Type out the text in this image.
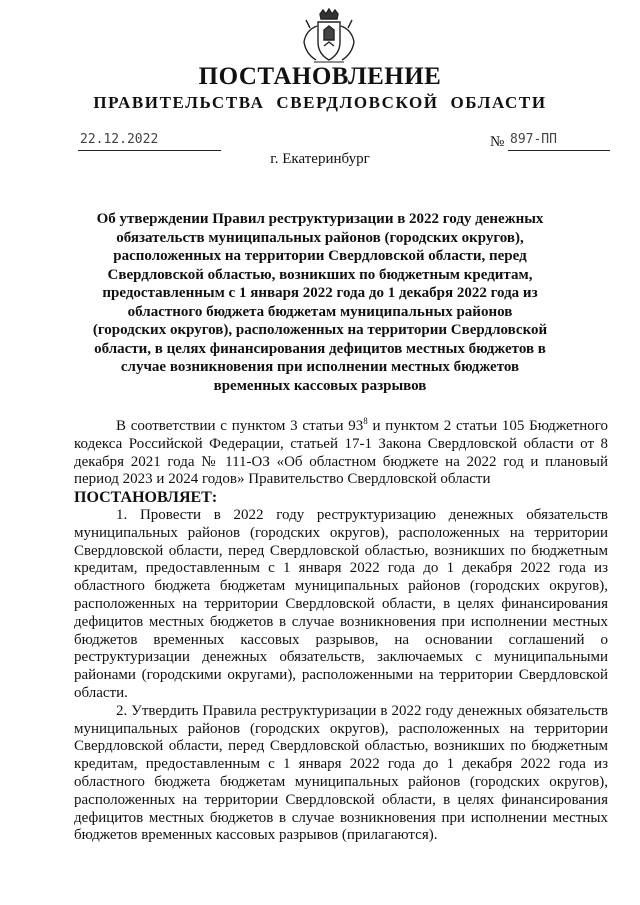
ПОСТАНОВЛЕНИЕ
ПРАВИТЕЛЬСТВА СВЕРДЛОВСКОЙ ОБЛАСТИ
22.12.2022	№ 897-ПП
г. Екатеринбург

Об утверждении Правил реструктуризации в 2022 году денежных обязательств муниципальных районов (городских округов), расположенных на территории Свердловской области, перед Свердловской областью, возникших по бюджетным кредитам, предоставленным с 1 января 2022 года до 1 декабря 2022 года из областного бюджета бюджетам муниципальных районов (городских округов), расположенных на территории Свердловской области, в целях финансирования дефицитов местных бюджетов в случае возникновения при исполнении местных бюджетов временных кассовых разрывов

В соответствии с пунктом 3 статьи $93^8$ и пунктом 2 статьи 105 Бюджетного кодекса Российской Федерации, статьей 17-1 Закона Свердловской области от 8 декабря 2021 года № 111-ОЗ «Об областном бюджете на 2022 год и плановый период 2023 и 2024 годов» Правительство Свердловской области

ПОСТАНОВЛЯЕТ:

1. Провести в 2022 году реструктуризацию денежных обязательств муниципальных районов (городских округов), расположенных на территории Свердловской области, перед Свердловской областью, возникших по бюджетным кредитам, предоставленным с 1 января 2022 года до 1 декабря 2022 года из областного бюджета бюджетам муниципальных районов (городских округов), расположенных на территории Свердловской области, в целях финансирования дефицитов местных бюджетов в случае возникновения при исполнении местных бюджетов временных кассовых разрывов, на основании соглашений о реструктуризации денежных обязательств, заключаемых с муниципальными районами (городскими округами), расположенными на территории Свердловской области.

2. Утвердить Правила реструктуризации в 2022 году денежных обязательств муниципальных районов (городских округов), расположенных на территории Свердловской области, перед Свердловской областью, возникших по бюджетным кредитам, предоставленным с 1 января 2022 года до 1 декабря 2022 года из областного бюджета бюджетам муниципальных районов (городских округов), расположенных на территории Свердловской области, в целях финансирования дефицитов местных бюджетов в случае возникновения при исполнении местных бюджетов временных кассовых разрывов (прилагаются).
